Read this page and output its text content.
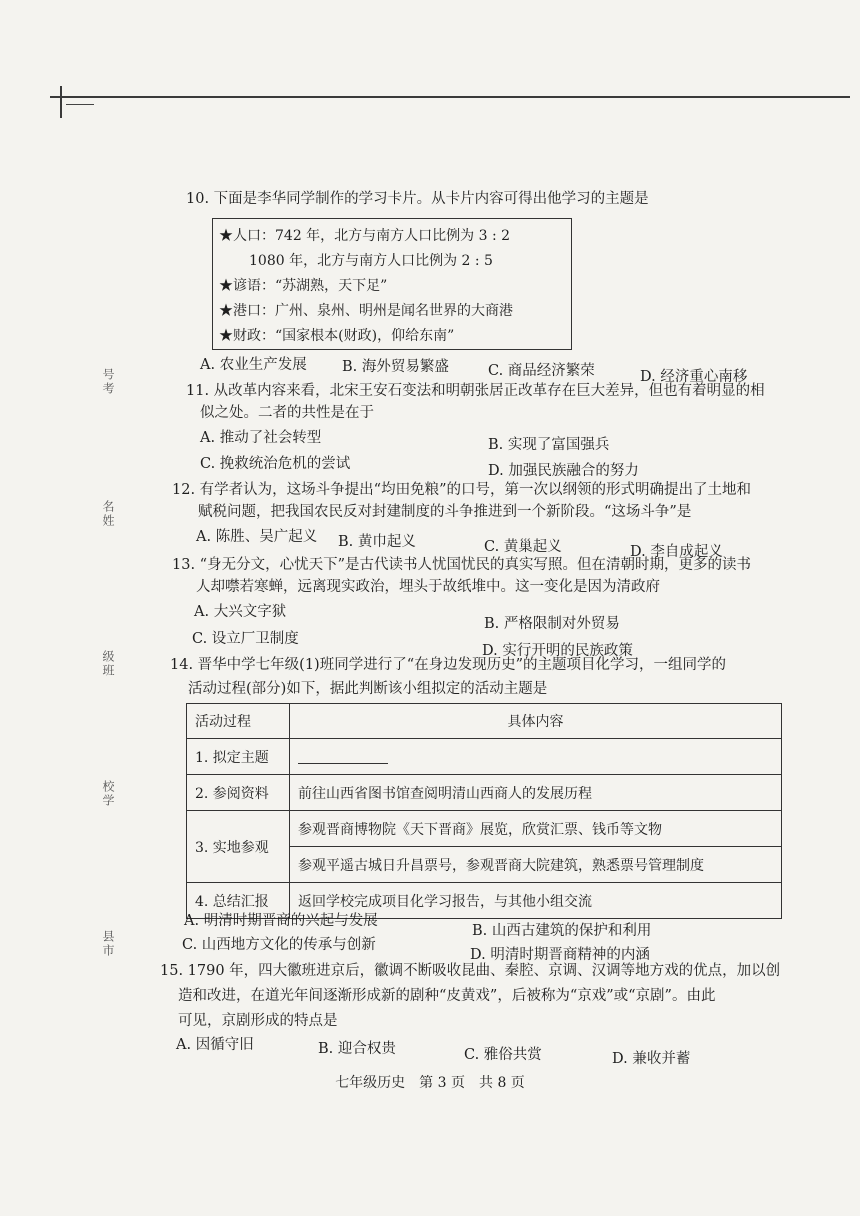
号考
名姓
级班
校学
县市
10. 下面是李华同学制作的学习卡片。从卡片内容可得出他学习的主题是
★人口：742 年，北方与南方人口比例为 3 : 2
1080 年，北方与南方人口比例为 2 : 5
★谚语：“苏湖熟，天下足”
★港口：广州、泉州、明州是闻名世界的大商港
★财政：“国家根本(财政)，仰给东南”
A. 农业生产发展 B. 海外贸易繁盛	C. 商品经济繁荣	D. 经济重心南移
11. 从改革内容来看，北宋王安石变法和明朝张居正改革存在巨大差异，但也有着明显的相
似之处。二者的共性是在于
A. 推动了社会转型	B. 实现了富国强兵
C. 挽救统治危机的尝试	D. 加强民族融合的努力
12. 有学者认为，这场斗争提出“均田免粮”的口号，第一次以纲领的形式明确提出了土地和
赋税问题，把我国农民反对封建制度的斗争推进到一个新阶段。“这场斗争”是
A. 陈胜、吴广起义 B. 黄巾起义	C. 黄巢起义	D. 李自成起义
13. “身无分文，心忧天下”是古代读书人忧国忧民的真实写照。但在清朝时期，更多的读书
人却噤若寒蝉，远离现实政治，埋头于故纸堆中。这一变化是因为清政府
A. 大兴文字狱
B. 严格限制对外贸易
C. 设立厂卫制度
D. 实行开明的民族政策
14. 晋华中学七年级(1)班同学进行了“在身边发现历史”的主题项目化学习，一组同学的
活动过程(部分)如下，据此判断该小组拟定的活动主题是
活动过程	具体内容
1. 拟定主题	
2. 参阅资料	前往山西省图书馆查阅明清山西商人的发展历程
3. 实地参观	参观晋商博物院《天下晋商》展览，欣赏汇票、钱币等文物
	参观平遥古城日升昌票号，参观晋商大院建筑，熟悉票号管理制度
4. 总结汇报	返回学校完成项目化学习报告，与其他小组交流
A. 明清时期晋商的兴起与发展
B. 山西古建筑的保护和利用
C. 山西地方文化的传承与创新
D. 明清时期晋商精神的内涵
15. 1790 年，四大徽班进京后，徽调不断吸收昆曲、秦腔、京调、汉调等地方戏的优点，加以创
造和改进，在道光年间逐渐形成新的剧种“皮黄戏”，后被称为“京戏”或“京剧”。由此
可见，京剧形成的特点是
A. 因循守旧	B. 迎合权贵	C. 雅俗共赏	D. 兼收并蓄
七年级历史　第 3 页　共 8 页
